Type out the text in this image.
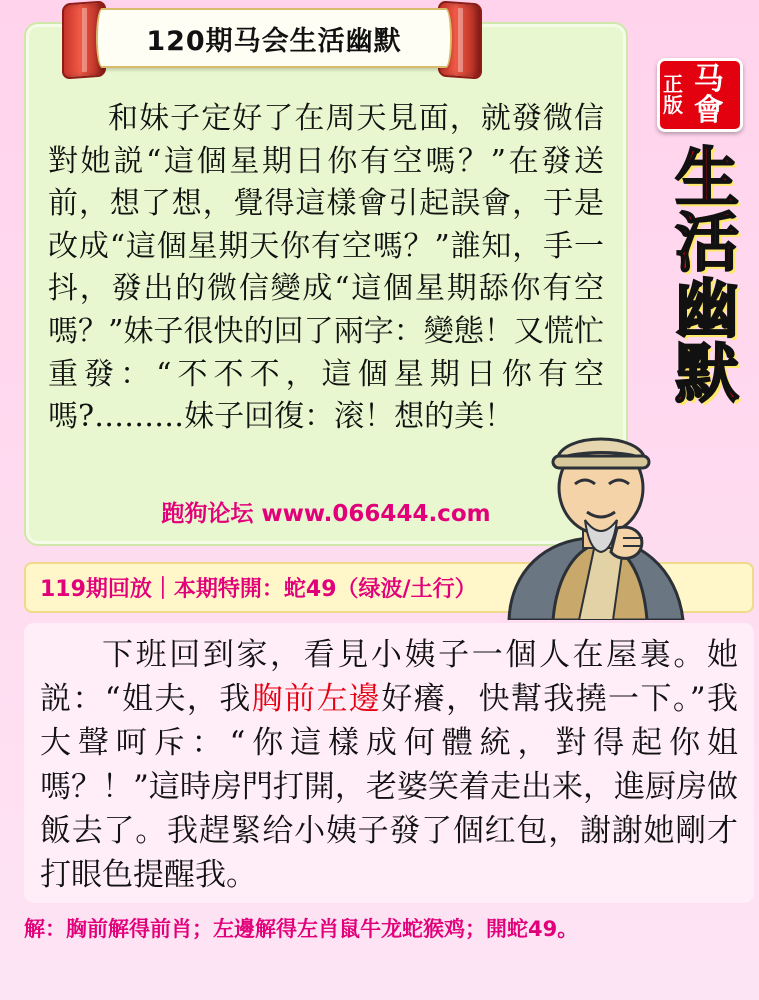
120期马会生活幽默
和妹子定好了在周天見面，就發微信對她説“這個星期日你有空嗎？”在發送前，想了想，覺得這樣會引起誤會，于是改成“這個星期天你有空嗎？”誰知，手一抖，發出的微信變成“這個星期舔你有空嗎？”妹子很快的回了兩字：變態！又慌忙重發：“不不不，這個星期日你有空嗎?………妹子回復：滚！想的美！
跑狗论坛 www.066444.com
正版
马會
生
活
幽
默
119期回放｜本期特開：蛇49（绿波/土行）
下班回到家，看見小姨子一個人在屋裏。她説：“姐夫，我胸前左邊好癢，快幫我撓一下。”我大聲呵斥：“你這樣成何體統，對得起你姐嗎？！”這時房門打開，老婆笑着走出来，進厨房做飯去了。我趕緊给小姨子發了個红包，謝謝她剛才打眼色提醒我。
解：胸前解得前肖；左邊解得左肖鼠牛龙蛇猴鸡；開蛇49。
